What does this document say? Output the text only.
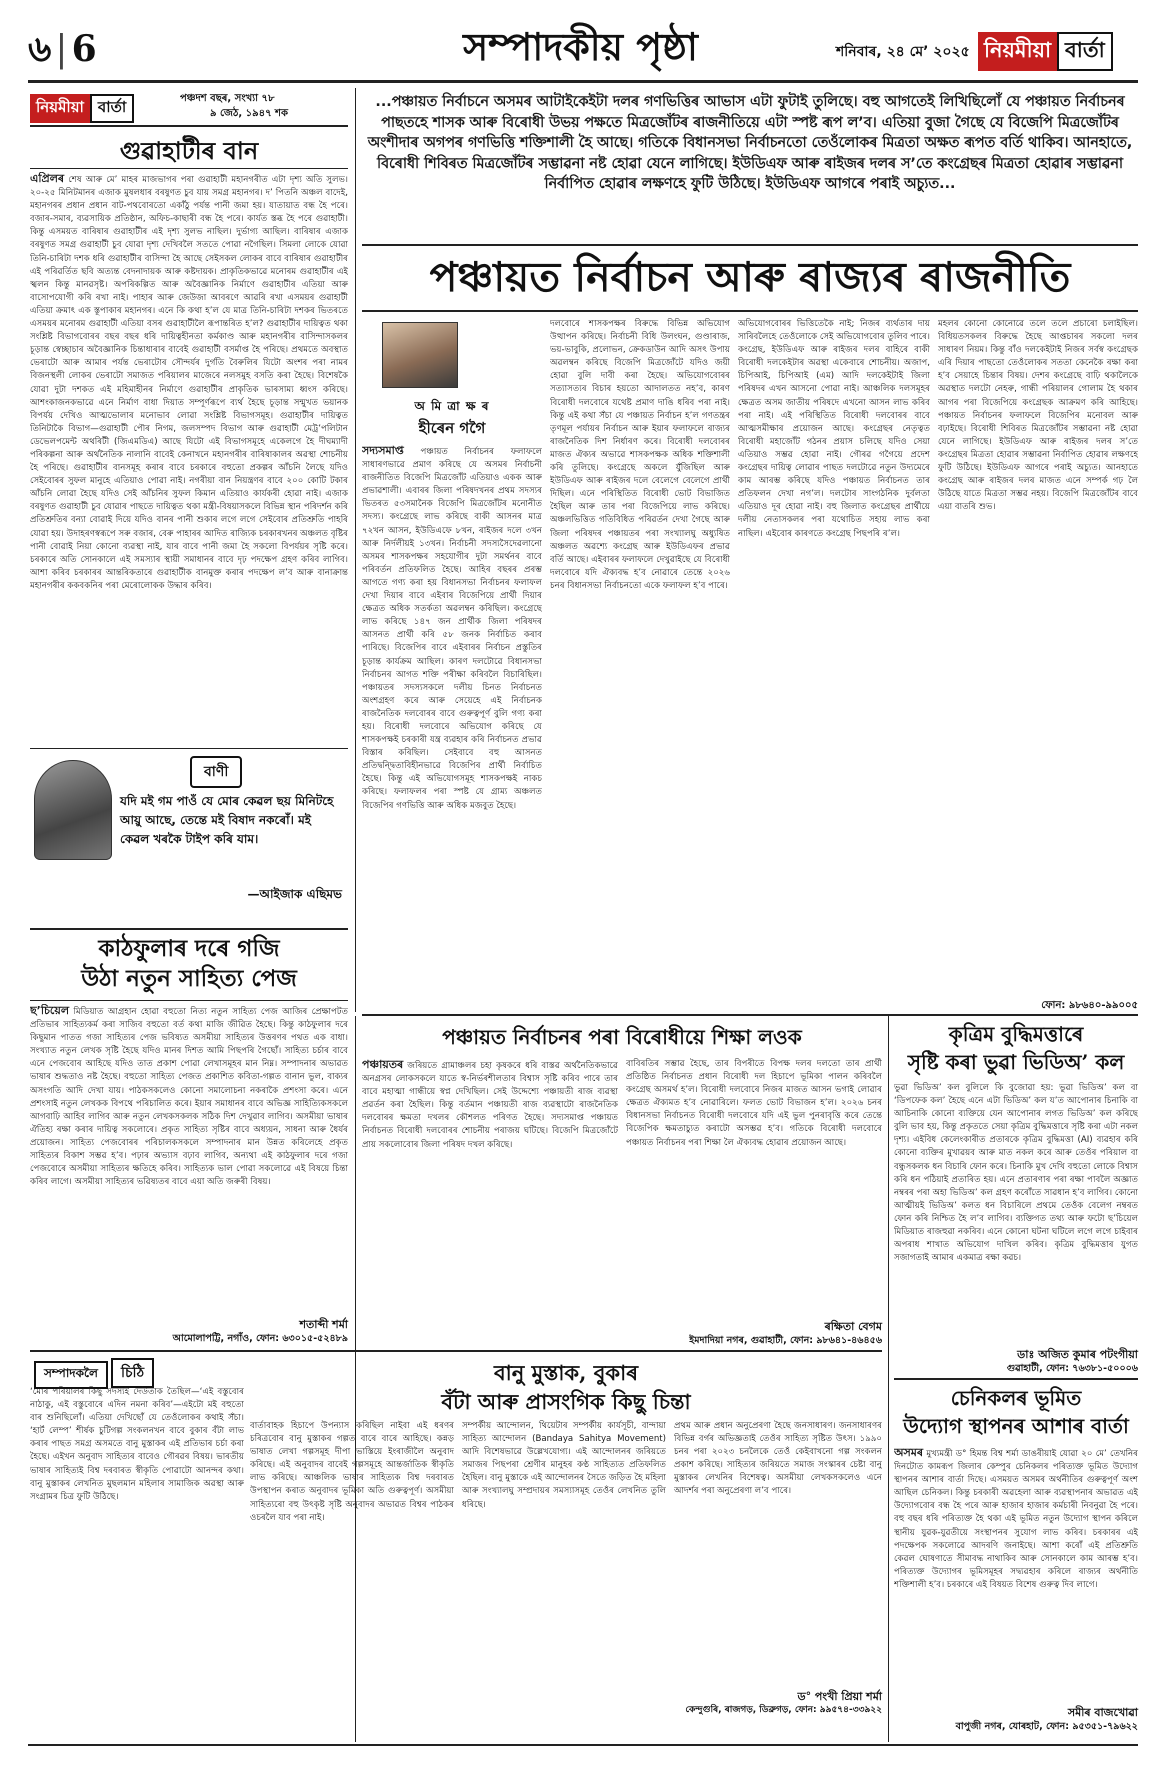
৬ | 6	সম্পাদকীয় পৃষ্ঠা	শনিবাৰ, ২৪ মে’ ২০২৫ নিয়মীয়া বাৰ্তা
নিয়মীয়া বাৰ্তা	পঞ্চদশ বছৰ, সংখ্যা ৭৮
৯ জেঠ, ১৯৪৭ শক
গুৱাহাটীৰ বান
এপ্ৰিলৰ শেষ আৰু মে’ মাহৰ মাজভাগৰ পৰা গুৱাহাটী মহানগৰীত এটা দৃশ্য অতি সুলভ। ২০-২৫ মিনিটমানৰ এজাক মুষলধাৰ বৰষুণত চুব যায় সমগ্ৰ মহানগৰ। দ’ পিতনি অঞ্চল বাদেই, মহানগৰৰ প্ৰধান প্ৰধান বাট-পথবোৰতো একাঁঠু পৰ্যন্ত পানী জমা হয়। যাতায়াত বন্ধ হৈ পৰে। বজাৰ-সমাৰ, ব্যৱসায়িক প্ৰতিষ্ঠান, অফিচ-কাছাৰী বন্ধ হৈ পৰে। কাৰ্যত স্তব্ধ হৈ পৰে গুৱাহাটী। কিন্তু এসময়ত বাৰিষাৰ গুৱাহাটীৰ এই দৃশ্য সুলভ নাছিল। দুৰ্ভাগ্য আছিল। বাৰিষাৰ এজাক বৰষুণত সমগ্ৰ গুৱাহাটী চুব যোৱা দৃশ্য দেখিবলৈ সততে পোৱা নগৈছিল। সিমলা লোকে যোৱা তিনি-চাৰিটা দশক ধৰি গুৱাহাটীৰ বাসিন্দা হৈ আছে সেইসকল লোকৰ বাবে বাৰিষাৰ গুৱাহাটীৰ এই পৰিৱৰ্তিত ছবি অত্যন্ত বেদনাদায়ক আৰু কষ্টদায়ক। প্ৰাকৃতিকভাৱে মনোৰম গুৱাহাটীৰ এই স্খলন কিন্তু মানৱসৃষ্ট। অপৰিকল্পিত আৰু অবৈজ্ঞানিক নিৰ্মাণে গুৱাহাটীৰ এতিয়া আৰু বাসোপযোগী কৰি ৰখা নাই। পাহাৰ আৰু জেউজা আবৰণে আৱৰি ৰখা এসময়ৰ গুৱাহাটী এতিয়া ক্ৰমাৎ এক স্তূপাকাৰ মহানগৰ। এনে কি কথা হ’ল যে মাত্ৰ তিনি-চাৰিটা দশকৰ ভিতৰতে এসময়ৰ মনোৰম গুৱাহাটী এতিয়া বসৰ গুৱাহাটীলৈ ৰূপান্তৰিত হ’ল? গুৱাহাটীৰ দায়িত্বত থকা সংশ্লিষ্ট বিভাগবোৰৰ বছৰ বছৰ ধৰি দায়িত্বহীনতা কৰ্মকাণ্ড আৰু মহানগৰীৰ বাসিন্দাসকলৰ চূড়ান্ত স্বেচ্ছাচাৰ অবৈজ্ঞানিক চিন্তাধাৰাৰ বাবেই গুৱাহাটী বসৰ্মাপ্ত হৈ পৰিছে। প্ৰথমতে অবস্থাত ভেৰাটো আৰু আমাৰ পৰ্যন্ত ভেৰাটোৰ সৌন্দৰ্যৰ দুৰ্গতি বৈৰুলিৰ যিটো অংশৰ পৰা নামৰ বিজনস্থলী লোকৰ ভেৰাটো সমাজত পৰিয়ালৰ মাজেৰে নলসমুহ বসতি কৰা হৈছে। বিশেষকৈ যোৱা দুটা দশকত এই মহিমাহীনৰ নিৰ্মাণে গুৱাহাটীৰ প্ৰাকৃতিক ভাৰসাম্য ধ্বংস কৰিছে। আশংকাজনকভাৱে এনে নিৰ্মাণ বাধা দিয়াত সম্পূৰ্ণৰূপে ব্যৰ্থ হৈছে চূড়ান্ত সন্মুখত ভয়ানক বিপৰ্যয় দেখিও আত্মভোলাৰ মনোভাব লোৱা সংশ্লিষ্ট বিভাগসমূহ। গুৱাহাটীৰ দায়িত্বত তিনিটাকৈ বিভাগ—গুৱাহাটী পৌৰ নিগম, জলসম্পদ বিভাগ আৰু গুৱাহাটী মেট্ৰ’পলিটান ডেভেলপমেন্ট অথৰিটী (জিএমডিএ) আছে যিটো এই বিভাগসমূহে একেলগে হৈ দীঘম্যাদী পৰিকল্পনা আৰু অৰ্থনৈতিক নালানি বাবেই কেনাখনে মহানগৰীৰ বাৰিষাকালৰ অৱস্থা শোচনীয় হৈ পৰিছে। গুৱাহাটীৰ বানসমূহ কৰাৰ বাবে চৰকাৰে বহুতো প্ৰকল্পৰ আঁচনি লৈছে যদিও সেইবোৰৰ সুফল মানুহে এতিয়াও পোৱা নাই। নগৰীয়া বান নিয়ন্ত্ৰণৰ বাবে ২০০ কোটি টকাৰ আঁচনি লোৱা হৈছে যদিও সেই আঁচনিৰ সুফল কিমান এতিয়াও কাৰ্যকৰী হোৱা নাই। এজাক বৰষুণত গুৱাহাটী চুব যোৱাৰ পাছতে দায়িত্বত থকা মন্ত্ৰী-বিষয়াসকলে বিভিন্ন স্থান পৰিদৰ্শন কৰি প্ৰতিশ্ৰুতিৰ বন্যা বোৱাই দিয়ে যদিও বানৰ পানী শুকাৰ লগে লগে সেইবোৰ প্ৰতিশ্ৰুতি পাহৰি যোৱা হয়। উদাহৰণস্বৰূপে সৰু বজাৰ, বেৰু পাহাৰৰ আদিত ৰাজ্যিক চৰকাৰখনৰ অঞ্চলত বৃষ্টিৰ পানী বোৱাই নিয়া কোনো ব্যৱস্থা নাই, যাৰ বাবে পানী জমা হৈ সকলো বিপৰ্যয়ৰ সৃষ্টি কৰে। চৰকাৰে অতি সোনকালে এই সমস্যাৰ স্থায়ী সমাধানৰ বাবে দৃঢ় পদক্ষেপ গ্ৰহণ কৰিব লাগিব। আশা কৰিব চৰকাৰৰ আন্তৰিকতাৰে গুৱাহাটীক বানমুক্ত কৰাৰ পদক্ষেপ ল’ব আৰু বানাক্ৰান্ত মহানগৰীৰ ককবকনিৰ পৰা মেৰোলোকক উদ্ধাৰ কৰিব।
বাণী
যদি মই গম পাওঁ যে মোৰ কেৱল ছয় মিনিটহে আয়ু আছে, তেন্তে মই বিষাদ নকৰোঁ। মই কেৱল খৰকৈ টাইপ কৰি যাম।
—আইজাক এছিমভ
...পঞ্চায়ত নিৰ্বাচনে অসমৰ আটাইকেইটা দলৰ গণভিত্তিৰ আভাস এটা ফুটাই তুলিছে। বহু আগতেই লিখিছিলোঁ যে পঞ্চায়ত নিৰ্বাচনৰ পাছতহে শাসক আৰু বিৰোধী উভয় পক্ষতে মিত্ৰজোঁটৰ ৰাজনীতিয়ে এটা স্পষ্ট ৰূপ ল’ব। এতিয়া বুজা গৈছে যে বিজেপি মিত্ৰজোঁটৰ অংশীদাৰ অগপৰ গণভিত্তি শক্তিশালী হৈ আছে। গতিকে বিধানসভা নিৰ্বাচনতো তেওঁলোকৰ মিত্ৰতা অক্ষত ৰূপত বৰ্তি থাকিব। আনহাতে, বিৰোধী শিবিৰত মিত্ৰজোঁটৰ সম্ভাৱনা নষ্ট হোৱা যেনে লাগিছে। ইউডিএফ আৰু ৰাইজৰ দলৰ স’তে কংগ্ৰেছৰ মিত্ৰতা হোৱাৰ সম্ভাৱনা নিৰ্বাপিত হোৱাৰ লক্ষণহে ফুটি উঠিছে। ইউডিএফ আগৰে পৰাই অচ্যুত...
পঞ্চায়ত নিৰ্বাচন আৰু ৰাজ্যৰ ৰাজনীতি
অ মি ত্ৰা ক্ষ ৰ
হীৰেন গগৈ
সদ্যসমাপ্ত পঞ্চায়ত নিৰ্বাচনৰ ফলাফলে সাধাৰণভাৱে প্ৰমাণ কৰিছে যে অসমৰ নিৰ্বাচনী ৰাজনীতিত বিজেপি মিত্ৰজোঁট এতিয়াও একক আৰু প্ৰভাৱশালী। এবাৰৰ জিলা পৰিষদখনৰ প্ৰথম সদস্যৰ ভিতৰত ৫৩সমানৈক বিজেপি মিত্ৰজোঁটৰ মনোনীত সদস্য। কংগ্ৰেছে লাভ কৰিছে বাকী আসনৰ মাত্ৰ ৭২খন আসন, ইউডিএফে ৮খন, ৰাইজৰ দলে ৩খন আৰু নিৰ্দলীয়ই ১৩খন। নিৰ্বাচনী সদস্যসৈদেৱলানো অসমৰ শাসকপক্ষৰ সহযোগীৰ দুটা সমৰ্থনৰ বাবে পৰিবৰ্তন প্ৰতিফলিত হৈছে। আহিৰ বছৰৰ প্ৰৰম্ভ আগতে গণ্য কৰা হয় বিধানসভা নিৰ্বাচনৰ ফলাফল দেখা দিয়াৰ বাবে এইবাৰ বিজেপিয়ে প্ৰাৰ্থী দিয়াৰ ক্ষেত্ৰত অধিক সতৰ্কতা অৱলম্বন কৰিছিল। কংগ্ৰেছে লাভ কৰিছে ১৪৭ জন প্ৰাৰ্থীক জিলা পৰিষদৰ আসনত প্ৰাৰ্থী কৰি ৫৮ জনক নিৰ্বাচিত কৰাব পাৰিছে। বিজেপিৰ বাবে এইবাৰৰ নিৰ্বাচন প্ৰস্তুতিৰ চূড়ান্ত কাৰ্যক্ৰম আছিল। কাৰণ দলটোৱে বিধানসভা নিৰ্বাচনৰ আগত শক্তি পৰীক্ষা কৰিবলৈ বিচাৰিছিল। পঞ্চায়তৰ সদস্যসকলে দলীয় চিনত নিৰ্বাচনত অংশগ্ৰহণ কৰে আৰু সেয়েহে এই নিৰ্বাচনক ৰাজনৈতিক দলবোৰৰ বাবে গুৰুত্বপূৰ্ণ বুলি গণ্য কৰা হয়। বিৰোধী দলবোৰে অভিযোগ কৰিছে যে শাসকপক্ষই চৰকাৰী যন্ত্ৰ ব্যৱহাৰ কৰি নিৰ্বাচনত প্ৰভাৱ বিস্তাৰ কৰিছিল। সেইবাবে বহু আসনত প্ৰতিদ্বন্দ্বিতাবিহীনভাৱে বিজেপিৰ প্ৰাৰ্থী নিৰ্বাচিত হৈছে। কিন্তু এই অভিযোগসমূহ শাসকপক্ষই নাকচ কৰিছে। ফলাফলৰ পৰা স্পষ্ট যে গ্ৰাম্য অঞ্চলত বিজেপিৰ গণভিত্তি আৰু অধিক মজবুত হৈছে।
দলবোৰে শাসকপক্ষৰ বিৰুদ্ধে বিভিন্ন অভিযোগ উত্থাপন কৰিছে। নিৰ্বাচনী বিধি উলংঘন, গুণ্ডাৰাজ, ভয়-ভাবুকি, প্ৰলোভন, ক্ৰেকডাউন আদি অসৎ উপায় অৱলম্বন কৰিছে বিজেপি মিত্ৰজোঁটে যদিও জয়ী হোৱা বুলি দাবী কৰা হৈছে। অভিযোগবোৰৰ সত্যাসত্যৰ বিচাৰ হয়তো আদালতত নহ’ব, কাৰণ বিৰোধী দলবোৰে যথেষ্ট প্ৰমাণ দাঙি ধৰিব পৰা নাই। কিন্তু এই কথা সঁচা যে পঞ্চায়ত নিৰ্বাচন হ’ল গণতন্ত্ৰৰ তৃণমূল পৰ্যায়ৰ নিৰ্বাচন আৰু ইয়াৰ ফলাফলে ৰাজ্যৰ ৰাজনৈতিক দিশ নিৰ্ধাৰণ কৰে। বিৰোধী দলবোৰৰ মাজত ঐক্যৰ অভাৱে শাসকপক্ষক অধিক শক্তিশালী কৰি তুলিছে। কংগ্ৰেছে অকলে যুঁজিছিল আৰু ইউডিএফ আৰু ৰাইজৰ দলে বেলেগে বেলেগে প্ৰাৰ্থী দিছিল। এনে পৰিস্থিতিত বিৰোধী ভোট বিভাজিত হৈছিল আৰু তাৰ পৰা বিজেপিয়ে লাভ কৰিছে। অঞ্চলভিত্তিত গতিবিধিত পৰিৱৰ্তন দেখা গৈছে আৰু জিলা পৰিষদৰ পঞ্চায়তৰ পৰা সংখ্যালঘু অধ্যুষিত অঞ্চলত অৱশ্যে কংগ্ৰেছ আৰু ইউডিএফৰ প্ৰভাৱ বৰ্তি আছে। এইবাৰৰ ফলাফলে দেখুৱাইছে যে বিৰোধী দলবোৰে যদি ঐক্যবদ্ধ হ’ব নোৱাৰে তেন্তে ২০২৬ চনৰ বিধানসভা নিৰ্বাচনতো একে ফলাফল হ’ব পাৰে।
অভিযোগবোৰৰ ভিত্তিতেকৈ নাই; নিজৰ ব্যৰ্থতাৰ দায় সাৰিবলৈহে তেওঁলোকে সেই অভিযোগবোৰ তুলিব পাৰে। কংগ্ৰেছ, ইউডিএফ আৰু ৰাইজৰ দলৰ বাহিৰে বাকী বিৰোধী দলকেইটাৰ অৱস্থা একেবাৰে শোচনীয়। অজাপ, চিপিআই, চিপিআই (এম) আদি দলকেইটাই জিলা পৰিষদৰ এখন আসনো পোৱা নাই। আঞ্চলিক দলসমূহৰ ক্ষেত্ৰত অসম জাতীয় পৰিষদে এখনো আসন লাভ কৰিব পৰা নাই। এই পৰিস্থিতিত বিৰোধী দলবোৰৰ বাবে আত্মসমীক্ষাৰ প্ৰয়োজন আছে। কংগ্ৰেছৰ নেতৃত্বত বিৰোধী মহাজোঁট গঠনৰ প্ৰয়াস চলিছে যদিও সেয়া এতিয়াও সম্ভৱ হোৱা নাই। গৌৰৱ গগৈয়ে প্ৰদেশ কংগ্ৰেছৰ দায়িত্ব লোৱাৰ পাছত দলটোৱে নতুন উদ্যমেৰে কাম আৰম্ভ কৰিছে যদিও পঞ্চায়ত নিৰ্বাচনত তাৰ প্ৰতিফলন দেখা নগ’ল। দলটোৰ সাংগঠনিক দুৰ্বলতা এতিয়াও দূৰ হোৱা নাই। বহু জিলাত কংগ্ৰেছৰ প্ৰাৰ্থীয়ে দলীয় নেতাসকলৰ পৰা যথোচিত সহায় লাভ কৰা নাছিল। এইবোৰ কাৰণতে কংগ্ৰেছ পিছপৰি ৰ’ল।
মহলৰ কোনো কোনোৱে তলে তলে প্ৰচাৰো চলাইছিল। বিধিয়তসকলৰ বিৰুদ্ধে হৈছে আপ্তচাৰৰ সকলো দলৰ সাধাৰণ নিয়ম। কিন্তু বাঁও দলকেইটাই নিজৰ সৰ্বস্ব কংগ্ৰেছক এৰি দিয়াৰ পাছতো তেওঁলোকৰ সততা কেনেকৈ ৰক্ষা কৰা হ’ব সেয়াহে চিন্তাৰ বিষয়। দেশৰ কংগ্ৰেছে বাঢ়ি থকালৈকে অৱস্থাত দলটো নেহৰু, গান্ধী পৰিয়ালৰ গোলাম হৈ থকাৰ আগৰ পৰা বিজেপিয়ে কংগ্ৰেছক আক্ৰমণ কৰি আহিছে। পঞ্চায়ত নিৰ্বাচনৰ ফলাফলে বিজেপিৰ মনোবল আৰু বঢ়াইছে। বিৰোধী শিবিৰত মিত্ৰজোঁটৰ সম্ভাৱনা নষ্ট হোৱা যেনে লাগিছে। ইউডিএফ আৰু ৰাইজৰ দলৰ স’তে কংগ্ৰেছৰ মিত্ৰতা হোৱাৰ সম্ভাৱনা নিৰ্বাপিত হোৱাৰ লক্ষণহে ফুটি উঠিছে। ইউডিএফ আগৰে পৰাই অচ্যুত। আনহাতে কংগ্ৰেছ আৰু ৰাইজৰ দলৰ মাজত এনে সম্পৰ্ক গঢ় লৈ উঠিছে যাতে মিত্ৰতা সম্ভৱ নহয়। বিজেপি মিত্ৰজোঁটৰ বাবে এয়া বাতৰি শুভ।
ফোন: ৯৮৬৪০-৯৯০০৫
কাঠফুলাৰ দৰে গজি
উঠা নতুন সাহিত্য পেজ
ছ’চিয়েল মিডিয়াত আগ্ৰহান হোৱা বহুতো নিত্য নতুন সাহিত্য পেজ আজিৰ প্ৰেক্ষাপটত প্ৰতিভাৰ সাহিত্যকৰ্ম কৰা সাজিব বহুতো বৰ্ত কথা মাজি জীৱিত হৈছে। কিন্তু কাঠফুলাৰ দৰে কিছুমান পাতত গজা সাহিত্যৰ পেজ ভবিষ্যত অসমীয়া সাহিত্যৰ উত্তৰণৰ পথত এক বাধা। সংখ্যাত নতুন লেখক সৃষ্টি হৈছে যদিও মানৰ দিশত আমি পিছপৰি গৈছোঁ। সাহিত্য চৰ্চাৰ বাবে এনে পেজবোৰ আহিছে যদিও তাত প্ৰকাশ পোৱা লেখাসমূহৰ মান নিম্ন। সম্পাদনাৰ অভাৱত ভাষাৰ শুদ্ধতাও নষ্ট হৈছে। বহুতো সাহিত্য পেজত প্ৰকাশিত কবিতা-গল্পত বানান ভুল, বাক্যৰ অসংগতি আদি দেখা যায়। পাঠকসকলেও কোনো সমালোচনা নকৰাকৈ প্ৰশংসা কৰে। এনে প্ৰশংসাই নতুন লেখকক বিপথে পৰিচালিত কৰে। ইয়াৰ সমাধানৰ বাবে অভিজ্ঞ সাহিত্যিকসকলে আগবাঢ়ি আহিব লাগিব আৰু নতুন লেখকসকলক সঠিক দিশ দেখুৱাব লাগিব। অসমীয়া ভাষাৰ ঐতিহ্য ৰক্ষা কৰাৰ দায়িত্ব সকলোৰে। প্ৰকৃত সাহিত্য সৃষ্টিৰ বাবে অধ্যয়ন, সাধনা আৰু ধৈৰ্যৰ প্ৰয়োজন। সাহিত্য পেজবোৰৰ পৰিচালকসকলে সম্পাদনাৰ মান উন্নত কৰিলেহে প্ৰকৃত সাহিত্যৰ বিকাশ সম্ভৱ হ’ব। পঢ়াৰ অভ্যাস বঢ়াব লাগিব, অন্যথা এই কাঠফুলাৰ দৰে গজা পেজবোৰে অসমীয়া সাহিত্যৰ ক্ষতিহে কৰিব। সাহিত্যক ভাল পোৱা সকলোৱে এই বিষয়ে চিন্তা কৰিব লাগে। অসমীয়া সাহিত্যৰ ভৱিষ্যতৰ বাবে এয়া অতি জৰুৰী বিষয়।
শতাব্দী শৰ্মা
আমোলাপট্টি, নগাঁও, ফোন: ৬৩০১৫-৫২৪৮৯
পঞ্চায়ত নিৰ্বাচনৰ পৰা বিৰোধীয়ে শিক্ষা লওক
পঞ্চায়তৰ জৰিয়তে গ্ৰামাঞ্চলৰ চহা কৃষকৰে ধৰি বাস্তৱ অৰ্থনৈতিকভাৱে অনগ্ৰসৰ লোকসকলে যাতে স্ব-নিৰ্ভৰশীলতাৰ বিশ্বাস সৃষ্টি কৰিব পাৰে তাৰ বাবে মহাত্মা গান্ধীয়ে স্বপ্ন দেখিছিল। সেই উদ্দেশ্যে পঞ্চায়তী ৰাজ ব্যৱস্থা প্ৰৱৰ্তন কৰা হৈছিল। কিন্তু বৰ্তমান পঞ্চায়তী ৰাজ ব্যৱস্থাটো ৰাজনৈতিক দলবোৰৰ ক্ষমতা দখলৰ কৌশলত পৰিণত হৈছে। সদ্যসমাপ্ত পঞ্চায়ত নিৰ্বাচনত বিৰোধী দলবোৰৰ শোচনীয় পৰাজয় ঘটিছে। বিজেপি মিত্ৰজোঁটে প্ৰায় সকলোবোৰ জিলা পৰিষদ দখল কৰিছে।
বাবিৰতিৰ সম্ভাৱ হৈছে, তাৰ বিপৰীতে বিপক্ষ দলৰ দলতো তাৰ প্ৰাৰ্থী প্ৰতিষ্ঠিত নিৰ্বাচনত প্ৰধান বিৰোধী দল হিচাপে ভূমিকা পালন কৰিবলৈ কংগ্ৰেছ অসমৰ্থ হ’ল। বিৰোধী দলবোৰে নিজৰ মাজত আসন ভগাই লোৱাৰ ক্ষেত্ৰত ঐক্যমত হ’ব নোৱাৰিলে। ফলত ভোট বিভাজন হ’ল। ২০২৬ চনৰ বিধানসভা নিৰ্বাচনত বিৰোধী দলবোৰে যদি এই ভুল পুনৰাবৃত্তি কৰে তেন্তে বিজেপিক ক্ষমতাচ্যুত কৰাটো অসম্ভৱ হ’ব। গতিকে বিৰোধী দলবোৰে পঞ্চায়ত নিৰ্বাচনৰ পৰা শিক্ষা লৈ ঐক্যবদ্ধ হোৱাৰ প্ৰয়োজন আছে।
ৰক্ষিতা বেগম
ইমদাদিয়া নগৰ, গুৱাহাটী, ফোন: ৯৮৬৪১-৪৬৪৫৬
কৃত্ৰিম বুদ্ধিমত্তাৰে
সৃষ্টি কৰা ভুৱা ভিডিঅ’ কল
ভুৱা ভিডিঅ’ কল বুলিলে কি বুজোৱা হয়: ভুৱা ভিডিঅ’ কল বা ‘ডিপফেক কল’ হৈছে এনে এটা ভিডিঅ’ কল য’ত আপোনাৰ চিনাকি বা আচিনাকি কোনো ব্যক্তিয়ে যেন আপোনাৰ লগত ভিডিঅ’ কল কৰিছে বুলি ভাব হয়, কিন্তু প্ৰকৃততে সেয়া কৃত্ৰিম বুদ্ধিমত্তাৰে সৃষ্টি কৰা এটা নকল দৃশ্য। এইবিধ কেলেংকাৰীত প্ৰতাৰকে কৃত্ৰিম বুদ্ধিমত্তা (AI) ব্যৱহাৰ কৰি কোনো ব্যক্তিৰ মুখাৱয়ব আৰু মাত নকল কৰে আৰু তেওঁৰ পৰিয়াল বা বন্ধুসকলক ধন বিচাৰি ফোন কৰে। চিনাকি মুখ দেখি বহুতো লোকে বিশ্বাস কৰি ধন পঠিয়াই প্ৰতাৰিত হয়। এনে প্ৰতাৰণাৰ পৰা ৰক্ষা পাবলৈ অজ্ঞাত নম্বৰৰ পৰা অহা ভিডিঅ’ কল গ্ৰহণ কৰোঁতে সাৱধান হ’ব লাগিব। কোনো আত্মীয়ই ভিডিঅ’ কলত ধন বিচাৰিলে প্ৰথমে তেওঁক বেলেগ নম্বৰত ফোন কৰি নিশ্চিত হৈ ল’ব লাগিব। ব্যক্তিগত তথ্য আৰু ফটো ছ’চিয়েল মিডিয়াত ৰাজহুৱা নকৰিব। এনে কোনো ঘটনা ঘটিলে লগে লগে চাইবাৰ অপৰাধ শাখাত অভিযোগ দাখিল কৰিব। কৃত্ৰিম বুদ্ধিমত্তাৰ যুগত সজাগতাই আমাৰ একমাত্ৰ ৰক্ষা কৱচ।
ডাঃ অজিত কুমাৰ পটংগীয়া
গুৱাহাটী, ফোন: ৭৬৩৮১-৫০০০৬
চেনিকলৰ ভূমিত
উদ্যোগ স্থাপনৰ আশাৰ বাৰ্তা
অসমৰ মুখ্যমন্ত্ৰী ড° হিমন্ত বিশ্ব শৰ্মা ডাঙৰীয়াই যোৱা ২০ মে’ তেখনিৰ দিনটোত কামৰূপ জিলাৰ কেম্পুৰ চেনিকলৰ পৰিত্যক্ত ভূমিত উদ্যোগ স্থাপনৰ আশাৰ বাৰ্তা দিছে। এসময়ত অসমৰ অৰ্থনীতিৰ গুৰুত্বপূৰ্ণ অংশ আছিল চেনিকল। কিন্তু চৰকাৰী অৱহেলা আৰু ব্যৱস্থাপনাৰ অভাৱত এই উদ্যোগবোৰ বন্ধ হৈ পৰে আৰু হাজাৰ হাজাৰ কৰ্মচাৰী নিবনুৱা হৈ পৰে। বহু বছৰ ধৰি পৰিত্যক্ত হৈ থকা এই ভূমিত নতুন উদ্যোগ স্থাপন কৰিলে স্থানীয় যুৱক-যুৱতীয়ে সংস্থাপনৰ সুযোগ লাভ কৰিব। চৰকাৰৰ এই পদক্ষেপক সকলোৱে আদৰণি জনাইছে। আশা কৰোঁ এই প্ৰতিশ্ৰুতি কেৱল ঘোষণাতে সীমাবদ্ধ নাথাকিব আৰু সোনকালে কাম আৰম্ভ হ’ব। পৰিত্যক্ত উদ্যোগৰ ভূমিসমূহৰ সদ্ব্যৱহাৰ কৰিলে ৰাজ্যৰ অৰ্থনীতি শক্তিশালী হ’ব। চৰকাৰে এই বিষয়ত বিশেষ গুৰুত্ব দিব লাগে।
সমীৰ বাজখোৱা
বাপুজী নগৰ, যোৰহাট, ফোন: ৯৫৩৫১-৭৯৬২২
সম্পাদকলৈ চিঠি
‘মোৰ পৰিয়ালৰ কিছু সদস্যই দেউতাক তৈছিল—‘এই বস্তুবোৰ নাঠাকু, এই বস্তুবোৰে এদিন নমনা কৰিব’—এইটো মই বহুতো বাৰ শুনিছিলোঁ। এতিয়া দেখিছোঁ যে তেওঁলোকৰ কথাই সঁচা। ‘হাৰ্ট লেম্প’ শীৰ্ষক চুটিগল্প সংকলনখন বাবে বুকাৰ বঁটা লাভ কৰাৰ পাছত সমগ্ৰ অসমতে বানু মুস্তাকৰ এই প্ৰতিভাৰ চৰ্চা কৰা হৈছে। এইখন অনুবাদ সাহিত্যৰ বাবেও গৌৰৱৰ বিষয়। ভাৰতীয় ভাষাৰ সাহিত্যই বিশ্ব দৰবাৰত স্বীকৃতি পোৱাটো আনন্দৰ কথা। বানু মুস্তাকৰ লেখনিত মুছলমান মহিলাৰ সামাজিক অৱস্থা আৰু সংগ্ৰামৰ চিত্ৰ ফুটি উঠিছে।
বানু মুস্তাক, বুকাৰ
বঁটা আৰু প্ৰাসংগিক কিছু চিন্তা
বাৰ্তাবাহক হিচাপে উপন্যাস কৰিছিল নাইবা এই ধৰণৰ চৰিত্ৰবোৰ বানু মুস্তাকৰ গল্পত বাৰে বাৰে আহিছে। কন্নড় ভাষাত লেখা গল্পসমূহ দীপা ভাস্তিয়ে ইংৰাজীলৈ অনুবাদ কৰিছে। এই অনুবাদৰ বাবেই গল্পসমূহে আন্তৰ্জাতিক স্বীকৃতি লাভ কৰিছে। আঞ্চলিক ভাষাৰ সাহিত্যক বিশ্ব দৰবাৰত উপস্থাপন কৰাত অনুবাদৰ ভূমিকা অতি গুৰুত্বপূৰ্ণ। অসমীয়া সাহিত্যৰো বহু উৎকৃষ্ট সৃষ্টি অনুবাদৰ অভাৱত বিশ্বৰ পাঠকৰ ওচৰলৈ যাব পৰা নাই।
সম্পৰ্কীয় আন্দোলন, থিয়েটাৰ সম্পৰ্কীয় কাৰ্যসূচী, বান্দায়া সাহিত্য আন্দোলন (Bandaya Sahitya Movement) আদি বিশেষভাৱে উল্লেখযোগ্য। এই আন্দোলনৰ জৰিয়তে সমাজৰ পিছপৰা শ্ৰেণীৰ মানুহৰ কণ্ঠ সাহিত্যত প্ৰতিফলিত হৈছিল। বানু মুস্তাকে এই আন্দোলনৰ সৈতে জড়িত হৈ মহিলা আৰু সংখ্যালঘু সম্প্ৰদায়ৰ সমস্যাসমূহ তেওঁৰ লেখনিত তুলি ধৰিছে।
প্ৰথম আৰু প্ৰধান অনুপ্ৰেৰণা হৈছে জনসাধাৰণ। জনসাধাৰণৰ বিভিন্ন বৰ্গৰ অভিজ্ঞতাই তেওঁৰ সাহিত্য সৃষ্টিত উৎস। ১৯৯০ চনৰ পৰা ২০২৩ চনলৈকে তেওঁ কেইবাখনো গল্প সংকলন প্ৰকাশ কৰিছে। সাহিত্যৰ জৰিয়তে সমাজ সংস্কাৰৰ চেষ্টা বানু মুস্তাকৰ লেখনিৰ বিশেষত্ব। অসমীয়া লেখকসকলেও এনে আদৰ্শৰ পৰা অনুপ্ৰেৰণা ল’ব পাৰে।
ড° পংখী প্ৰিয়া শৰ্মা
কেন্দুগুৰি, ৰাজগড়, ডিব্ৰুগড়, ফোন: ৯৯৫৭৪-৩৩৯২২
